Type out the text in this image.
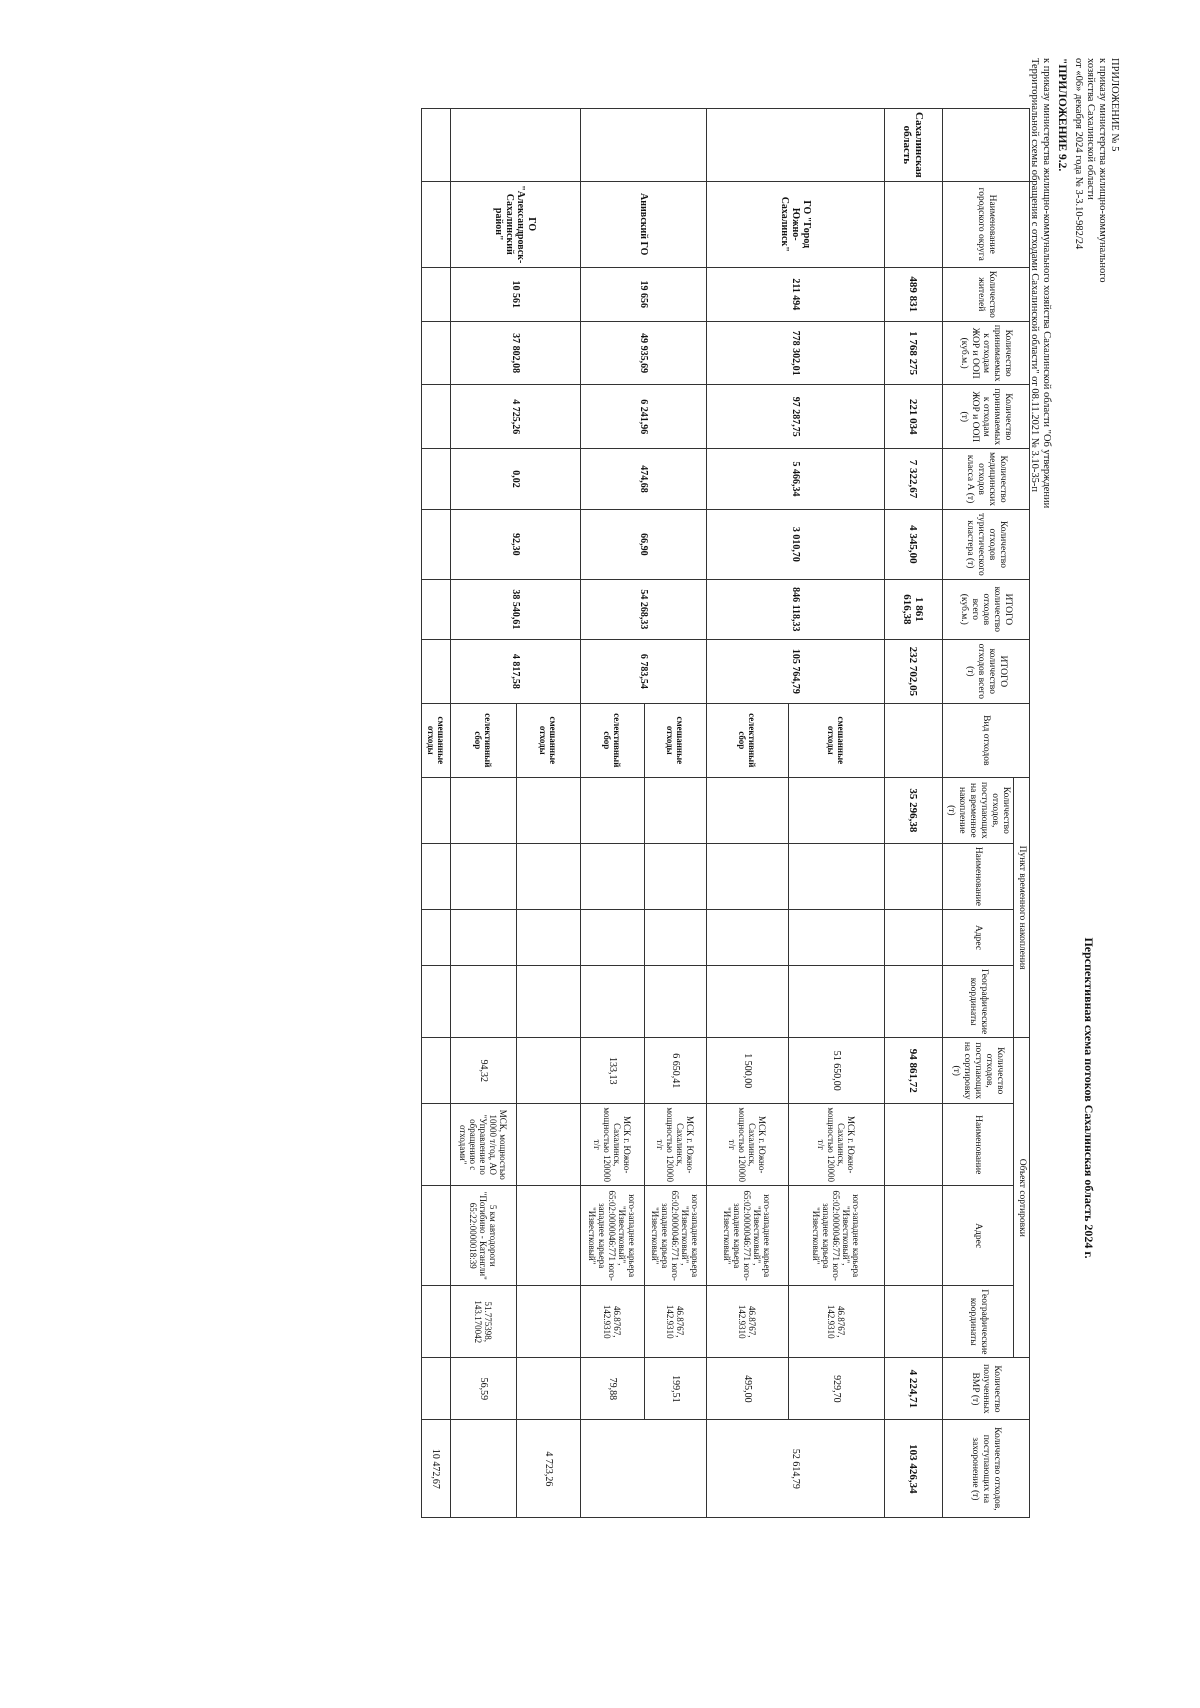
ПРИЛОЖЕНИЕ № 5
к приказу министерства жилищно-коммунального
хозяйства Сахалинской области
от «06» декабря 2024 года № 3-3.10-982/24
"ПРИЛОЖЕНИЕ 9.2.
к приказу министерства жилищно-коммунального хозяйства Сахалинской области "Об утверждении
Территориальной схемы обращения с отходами Сахалинской области" от 08.11.2021 № 3.10-35-п
Перспективная схема потоков Сахалинская область 2024 г.
	Наименование городского округа	Количество жителей	Количество принимаемых к отходам ЖОР и ООП (куб.м.)	Количество принимаемых к отходам ЖОР и ООП (т)	Количество медицинских отходов класса А (т)	Количество отходов туристического кластера (т)	ИТОГО количество отходов всего (куб.м.)	ИТОГО количество отходов всего (т)	Вид отходов	Пункт временного накопления				Объект сортировки				Количество полученных ВМР (т)	Количество отходов, поступающих на захоронение (т)
										Количество отходов, поступающих на временное накопление (т)	Наименование	Адрес	Географические координаты	Количество отходов, поступающих на сортировку (т)	Наименование	Адрес	Географические координаты		
Сахалинская область		489 831	1 768 275	221 034	7 322,67	4 345,00	1 861 616,38	232 702,05		35 296,38				94 861,72				4 224,71	103 426,34
	ГО "Город Южно-Сахалинск"	211 494	778 302,01	97 287,75	5 466,34	3 010,70	846 118,33	105 764,79	смешанные отходы					51 650,00	МСК г. Южно-Сахалинск, мощностью 120000 т/г	юго-западнее карьера "Известковый", 65:02:0000046:771 юго-западнее карьера "Известковый"	46.8767, 142.9310	929,70	52 614,79
									селективный сбор					1 500,00	МСК г. Южно-Сахалинск, мощностью 120000 т/г	юго-западнее карьера "Известковый", 65:02:0000046:771 юго-западнее карьера "Известковый"	46.8767, 142.9310	495,00	
	Анивский ГО	19 656	49 935,69	6 241,96	474,68	66,90	54 268,33	6 783,54	смешанные отходы					6 650,41	МСК г. Южно-Сахалинск, мощностью 120000 т/г	юго-западнее карьера "Известковый", 65:02:0000046:771 юго-западнее карьера "Известковый"	46.8767, 142.9310	199,51	
									селективный сбор					133,13	МСК г. Южно-Сахалинск, мощностью 120000 т/г	юго-западнее карьера "Известковый", 65:02:0000046:771 юго-западнее карьера "Известковый"	46.8767, 142.9310	79,88	
	ГО "Александровск-Сахалинский район"	10 561	37 802,08	4 725,26	0,02	92,30	38 540,61	4 817,58	смешанные отходы										4 723,26
									селективный сбор					94,32	МСК, мощностью 10000 т/год, АО "Управление по обращению с отходами"	5 км автодороги "Погибино - Катангли" 65:22:0000018:39	51.775398, 143.170042	56,59	
									смешанные отходы										10 472,67
